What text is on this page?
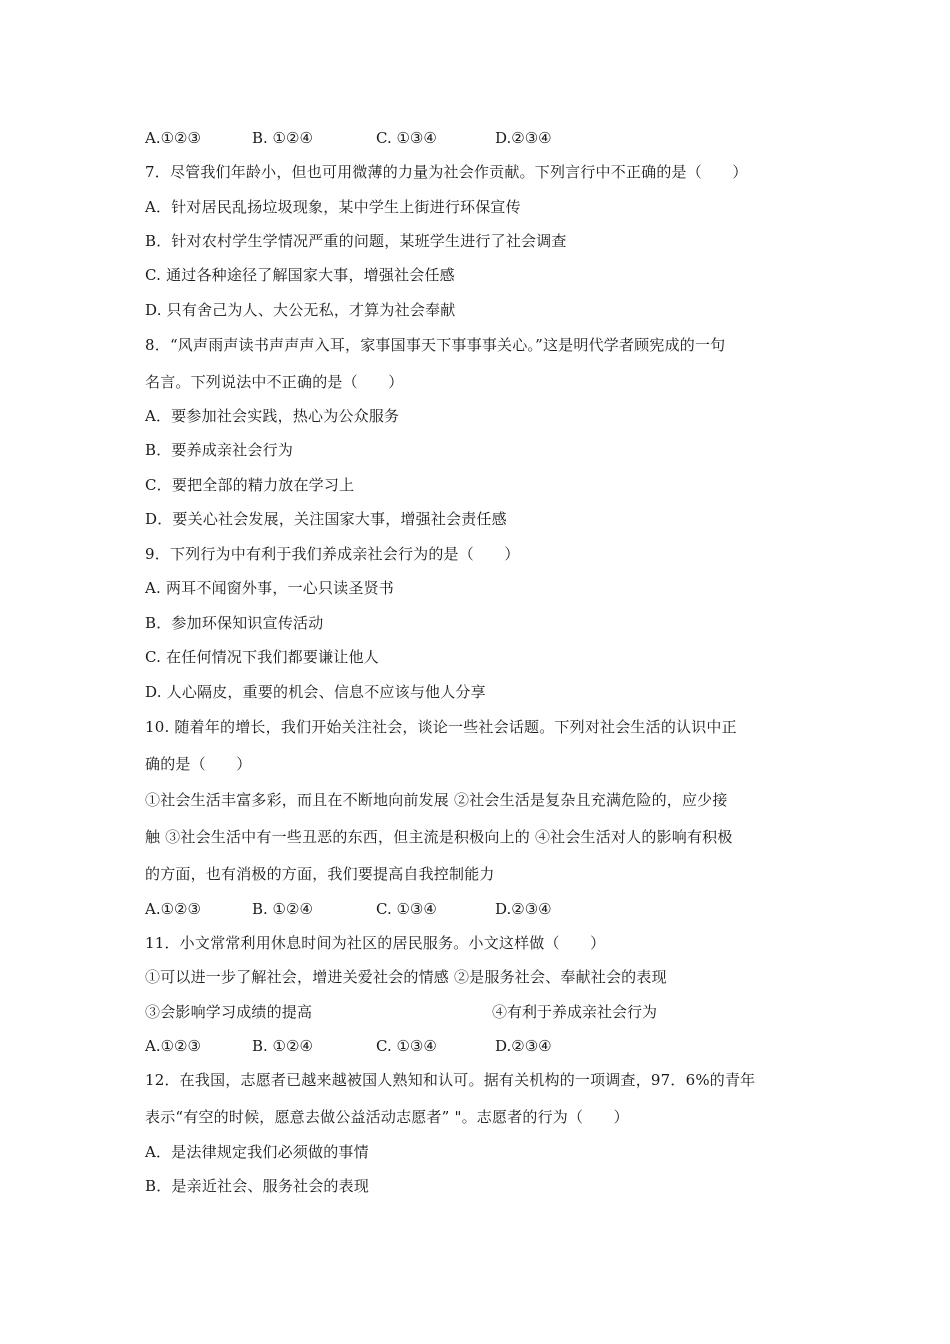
A.①②③	B. ①②④	C. ①③④	D.②③④
7．尽管我们年龄小，但也可用微薄的力量为社会作贡献。下列言行中不正确的是（　　）
A．针对居民乱扬垃圾现象，某中学生上街进行环保宣传
B．针对农村学生学情况严重的问题，某班学生进行了社会调查
C. 通过各种途径了解国家大事，增强社会任感
D. 只有舍己为人、大公无私，才算为社会奉献
8．“风声雨声读书声声声入耳，家事国事天下事事事关心。”这是明代学者顾宪成的一句
名言。下列说法中不正确的是（　　）
A．要参加社会实践，热心为公众服务
B．要养成亲社会行为
C．要把全部的精力放在学习上
D．要关心社会发展，关注国家大事，增强社会责任感
9．下列行为中有利于我们养成亲社会行为的是（　　）
A. 两耳不闻窗外事，一心只读圣贤书
B．参加环保知识宣传活动
C. 在任何情况下我们都要谦让他人
D. 人心隔皮，重要的机会、信息不应该与他人分享
10. 随着年的增长，我们开始关注社会，谈论一些社会话题。下列对社会生活的认识中正
确的是（　　）
①社会生活丰富多彩，而且在不断地向前发展 ②社会生活是复杂且充满危险的，应少接
触 ③社会生活中有一些丑恶的东西，但主流是积极向上的 ④社会生活对人的影响有积极
的方面，也有消极的方面，我们要提高自我控制能力
A.①②③	B. ①②④	C. ①③④	D.②③④
11．小文常常利用休息时间为社区的居民服务。小文这样做（　　）
①可以进一步了解社会，增进关爱社会的情感 ②是服务社会、奉献社会的表现
③会影响学习成绩的提高	④有利于养成亲社会行为
A.①②③	B. ①②④	C. ①③④	D.②③④
12．在我国，志愿者已越来越被国人熟知和认可。据有关机构的一项调查，97．6%的青年
表示“有空的时候，愿意去做公益活动志愿者” "。志愿者的行为（　　）
A．是法律规定我们必须做的事情
B．是亲近社会、服务社会的表现
